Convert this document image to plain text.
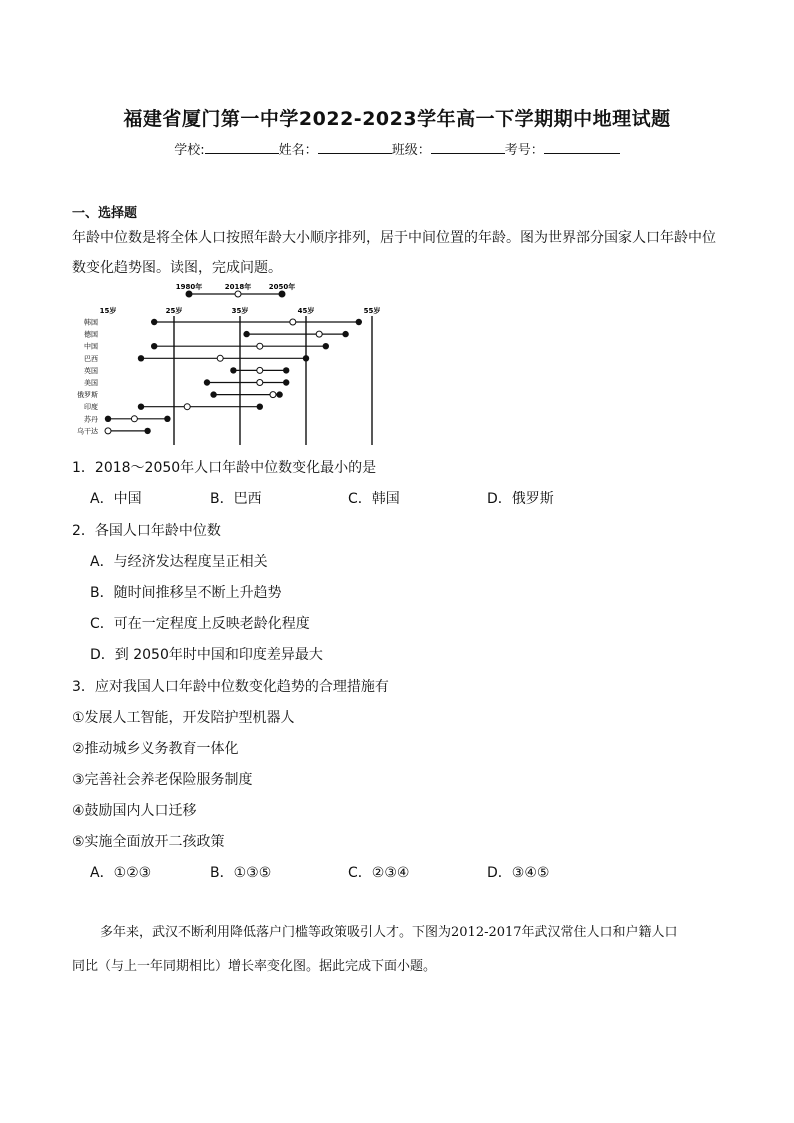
福建省厦门第一中学2022-2023学年高一下学期期中地理试题
学校:	姓名：	班级：	考号：
一、选择题
年龄中位数是将全体人口按照年龄大小顺序排列，居于中间位置的年龄。图为世界部分国家人口年龄中位
数变化趋势图。读图，完成问题。
1980年	2018年	2050年
15岁	25岁	35岁	45岁	55岁
韩国
德国
中国
巴西
英国
美国
俄罗斯
印度
苏丹
乌干达
1．2018～2050年人口年龄中位数变化最小的是
A．中国	B．巴西	C．韩国	D．俄罗斯
2．各国人口年龄中位数
A．与经济发达程度呈正相关
B．随时间推移呈不断上升趋势
C．可在一定程度上反映老龄化程度
D．到 2050年时中国和印度差异最大
3．应对我国人口年龄中位数变化趋势的合理措施有
①发展人工智能，开发陪护型机器人
②推动城乡义务教育一体化
③完善社会养老保险服务制度
④鼓励国内人口迁移
⑤实施全面放开二孩政策
A．①②③	B．①③⑤	C．②③④	D．③④⑤
多年来，武汉不断利用降低落户门槛等政策吸引人才。下图为2012-2017年武汉常住人口和户籍人口
同比（与上一年同期相比）增长率变化图。据此完成下面小题。
